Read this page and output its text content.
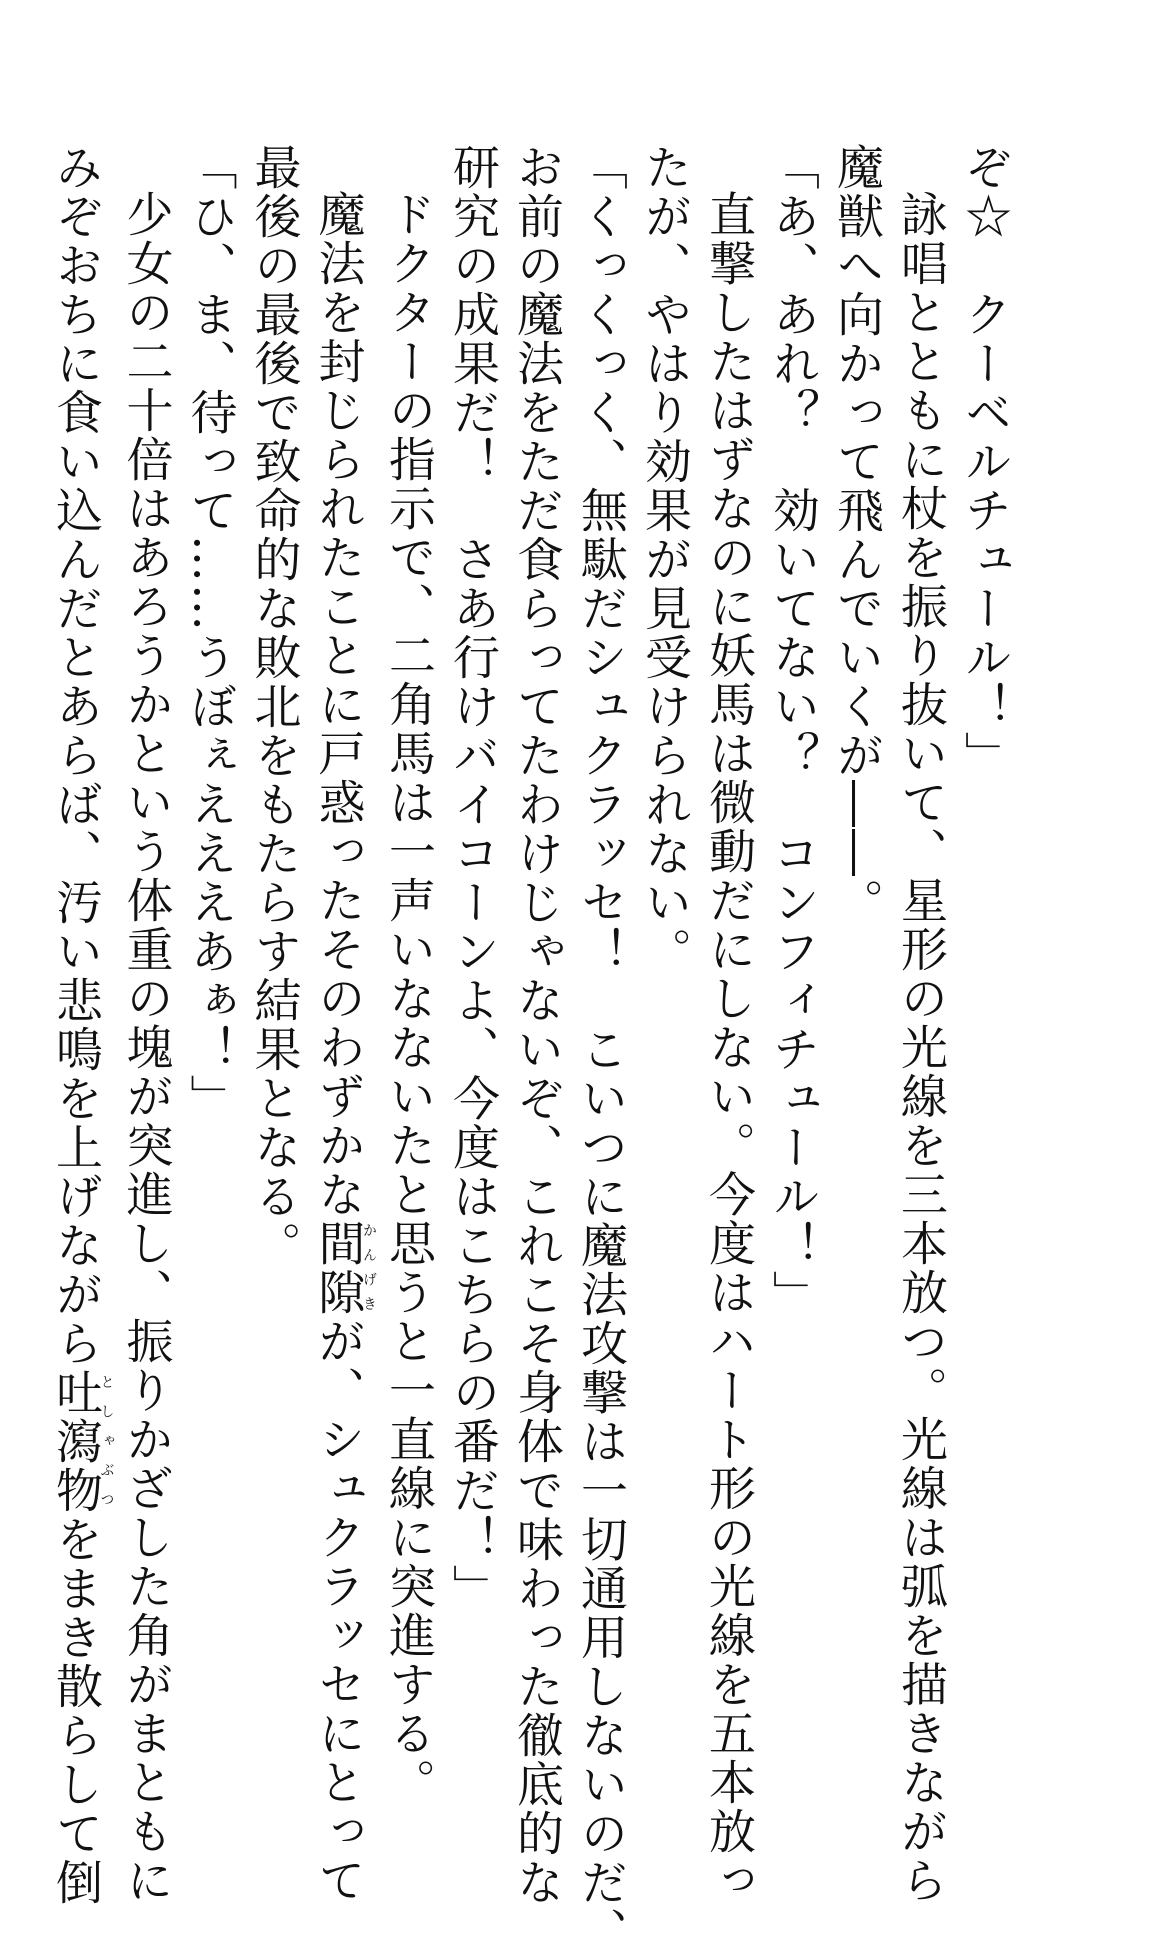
ぞ☆　クーベルチュール！」
詠唱とともに杖を振り抜いて、星形の光線を三本放つ。光線は弧を描きながら
魔獣へ向かって飛んでいくが――。
「あ、あれ？　効いてない？　コンフィチュール！」
直撃したはずなのに妖馬は微動だにしない。今度はハート形の光線を五本放っ
たが、やはり効果が見受けられない。
「くっくっく、無駄だシュクラッセ！　こいつに魔法攻撃は一切通用しないのだ、
お前の魔法をただ食らってたわけじゃないぞ、これこそ身体で味わった徹底的な
研究の成果だ！　さあ行けバイコーンよ、今度はこちらの番だ！」
ドクターの指示で、二角馬は一声いなないたと思うと一直線に突進する。
魔法を封じられたことに戸惑ったそのわずかな間隙かんげきが、シュクラッセにとって
最後の最後で致命的な敗北をもたらす結果となる。
「ひ、ま、待って……うぼぇえええあぁ！」
少女の二十倍はあろうかという体重の塊が突進し、振りかざした角がまともに
みぞおちに食い込んだとあらば、汚い悲鳴を上げながら吐瀉物としゃぶつをまき散らして倒
